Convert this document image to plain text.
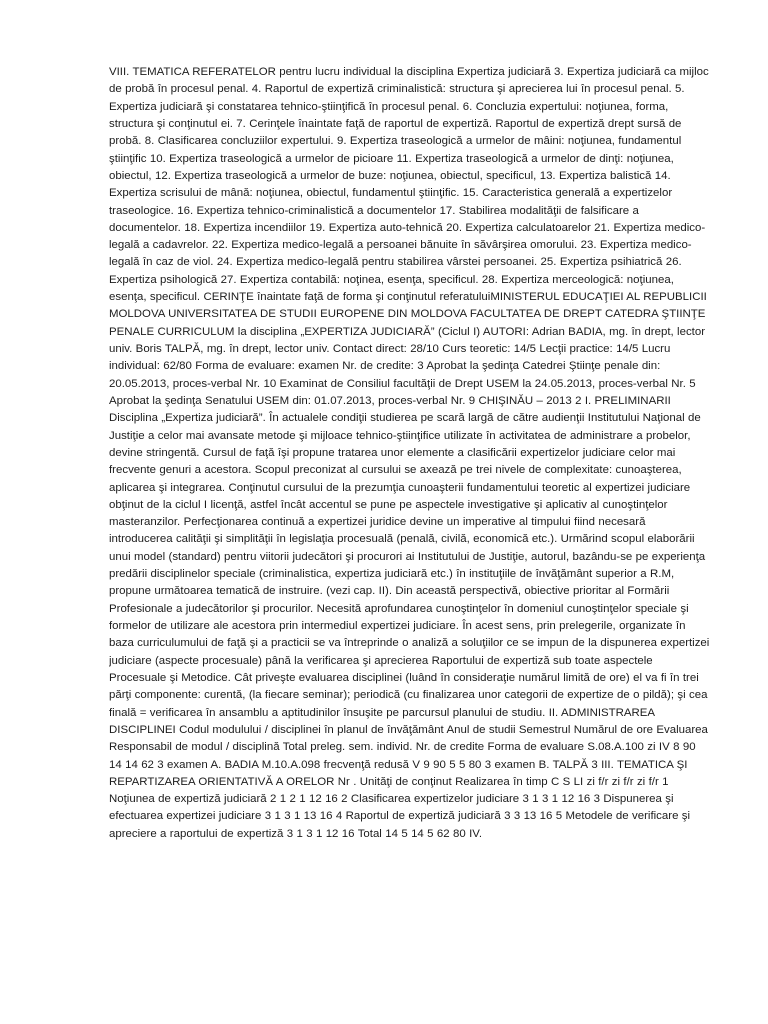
VIII. TEMATICA REFERATELOR pentru lucru individual la disciplina Expertiza judiciară 3. Expertiza judiciară ca mijloc de probă în procesul penal. 4. Raportul de expertiză criminalistică: structura şi aprecierea lui în procesul penal. 5. Expertiza judiciară şi constatarea tehnico-ştiinţifică în procesul penal. 6. Concluzia expertului: noţiunea, forma, structura şi conţinutul ei. 7. Cerinţele înaintate faţă de raportul de expertiză. Raportul de expertiză drept sursă de probă. 8. Clasificarea concluziilor expertului. 9. Expertiza traseologică a urmelor de mâini: noţiunea, fundamentul ştiinţific 10. Expertiza traseologică a urmelor de picioare 11. Expertiza traseologică a urmelor de dinţi: noţiunea, obiectul, 12. Expertiza traseologică a urmelor de buze: noţiunea, obiectul, specificul, 13. Expertiza balistică 14. Expertiza scrisului de mână: noţiunea, obiectul, fundamentul ştiinţific. 15. Caracteristica generală a expertizelor traseologice. 16. Expertiza tehnico-criminalistică a documentelor 17. Stabilirea modalităţii de falsificare a documentelor. 18. Expertiza incendiilor 19. Expertiza auto-tehnică 20. Expertiza calculatoarelor 21. Expertiza medico-legală a cadavrelor. 22. Expertiza medico-legală a persoanei bănuite în săvârşirea omorului. 23. Expertiza medico-legală în caz de viol. 24. Expertiza medico-legală pentru stabilirea vârstei persoanei. 25. Expertiza psihiatrică 26. Expertiza psihologică 27. Expertiza contabilă: noţinea, esenţa, specificul. 28. Expertiza merceologică: noţiunea, esenţa, specificul. CERINŢE înaintate faţă de forma şi conţinutul referatuluiMINISTERUL EDUCAŢIEI AL REPUBLICII MOLDOVA UNIVERSITATEA DE STUDII EUROPENE DIN MOLDOVA FACULTATEA DE DREPT CATEDRA ŞTIINŢE PENALE CURRICULUM la disciplina „EXPERTIZA JUDICIARĂ” (Ciclul I) AUTORI: Adrian BADIA, mg. în drept, lector univ. Boris TALPĂ, mg. în drept, lector univ. Contact direct: 28/10 Curs teoretic: 14/5 Lecţii practice: 14/5 Lucru individual: 62/80 Forma de evaluare: examen Nr. de credite: 3 Aprobat la şedinţa Catedrei Ştiinţe penale din: 20.05.2013, proces-verbal Nr. 10 Examinat de Consiliul facultăţii de Drept USEM la 24.05.2013, proces-verbal Nr. 5 Aprobat la şedinţa Senatului USEM din: 01.07.2013, proces-verbal Nr. 9 CHIŞINĂU – 2013 2 I. PRELIMINARII Disciplina „Expertiza judiciară”. În actualele condiţii studierea pe scară largă de către audienţii Institutului Naţional de Justiţie a celor mai avansate metode şi mijloace tehnico-ştiinţifice utilizate în activitatea de administrare a probelor, devine stringentă. Cursul de faţă îşi propune tratarea unor elemente a clasificării expertizelor judiciare celor mai frecvente genuri a acestora. Scopul preconizat al cursului se axează pe trei nivele de complexitate: cunoaşterea, aplicarea şi integrarea. Conţinutul cursului de la prezumţia cunoaşterii fundamentului teoretic al expertizei judiciare obţinut de la ciclul I licenţă, astfel încât accentul se pune pe aspectele investigative şi aplicativ al cunoştinţelor masteranzilor. Perfecţionarea continuă a expertizei juridice devine un imperative al timpului fiind necesară introducerea calităţii şi simplităţii în legislaţia procesuală (penală, civilă, economică etc.). Urmărind scopul elaborării unui model (standard) pentru viitorii judecători şi procurori ai Institutului de Justiţie, autorul, bazându-se pe experienţa predării disciplinelor speciale (criminalistica, expertiza judiciară etc.) în instituţiile de învăţământ superior a R.M, propune următoarea tematică de instruire. (vezi cap. II). Din această perspectivă, obiective prioritar al Formării Profesionale a judecătorilor şi procurilor. Necesită aprofundarea cunoştinţelor în domeniul cunoştinţelor speciale şi formelor de utilizare ale acestora prin intermediul expertizei judiciare. În acest sens, prin prelegerile, organizate în baza curriculumului de faţă şi a practicii se va întreprinde o analiză a soluţiilor ce se impun de la dispunerea expertizei judiciare (aspecte procesuale) până la verificarea şi aprecierea Raportului de expertiză sub toate aspectele Procesuale şi Metodice. Cât priveşte evaluarea disciplinei (luând în consideraţie numărul limită de ore) el va fi în trei părţi componente: curentă, (la fiecare seminar); periodică (cu finalizarea unor categorii de expertize de o pildă); şi cea finală = verificarea în ansamblu a aptitudinilor însuşite pe parcursul planului de studiu. II. ADMINISTRAREA DISCIPLINEI Codul modulului / disciplinei în planul de învăţământ Anul de studii Semestrul Numărul de ore Evaluarea Responsabil de modul / disciplină Total preleg. sem. individ. Nr. de credite Forma de evaluare S.08.A.100 zi IV 8 90 14 14 62 3 examen A. BADIA M.10.A.098 frecvenţă redusă V 9 90 5 5 80 3 examen B. TALPĂ 3 III. TEMATICA ŞI REPARTIZAREA ORIENTATIVĂ A ORELOR Nr . Unităţi de conţinut Realizarea în timp C S LI zi f/r zi f/r zi f/r 1 Noţiunea de expertiză judiciară 2 1 2 1 12 16 2 Clasificarea expertizelor judiciare 3 1 3 1 12 16 3 Dispunerea şi efectuarea expertizei judiciare 3 1 3 1 13 16 4 Raportul de expertiză judiciară 3 3 13 16 5 Metodele de verificare şi apreciere a raportului de expertiză 3 1 3 1 12 16 Total 14 5 14 5 62 80 IV.
